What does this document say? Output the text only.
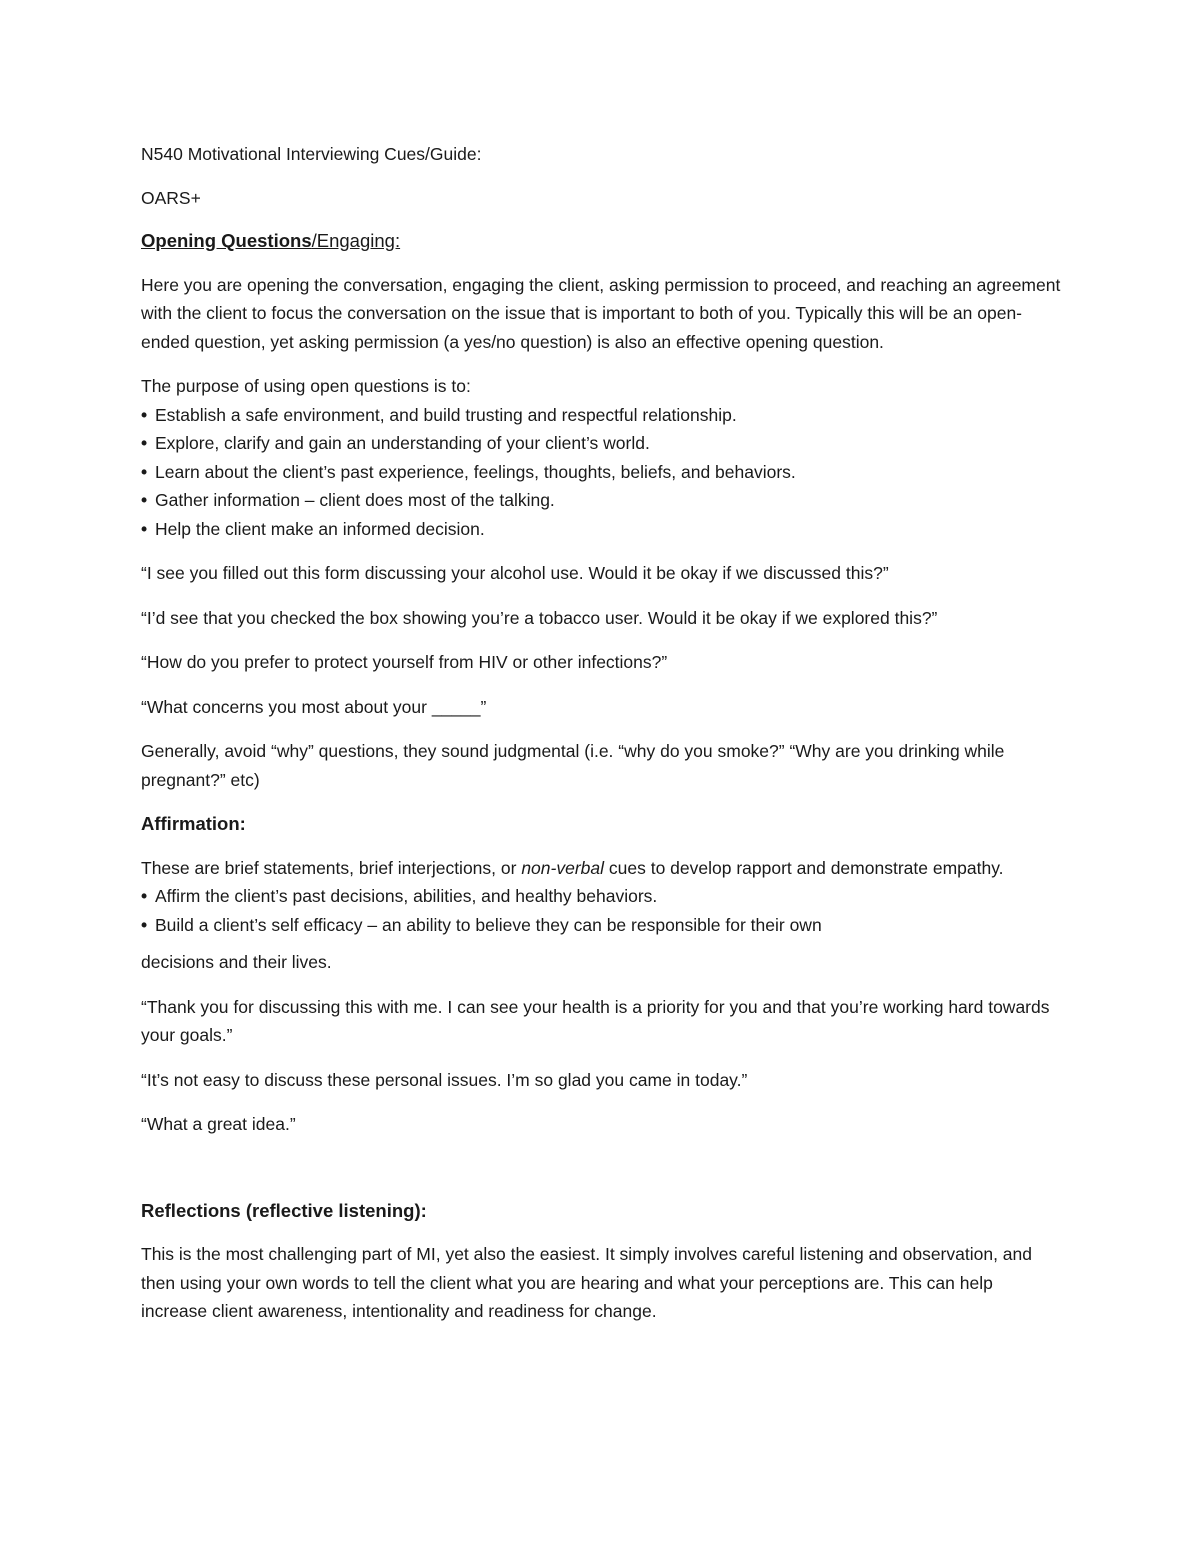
N540 Motivational Interviewing Cues/Guide:

OARS+

Opening Questions/Engaging:

Here you are opening the conversation, engaging the client, asking permission to proceed, and reaching an agreement with the client to focus the conversation on the issue that is important to both of you. Typically this will be an open-ended question, yet asking permission (a yes/no question) is also an effective opening question.

The purpose of using open questions is to:

• Establish a safe environment, and build trusting and respectful relationship.
• Explore, clarify and gain an understanding of your client’s world.
• Learn about the client’s past experience, feelings, thoughts, beliefs, and behaviors.
• Gather information – client does most of the talking.
• Help the client make an informed decision.

“I see you filled out this form discussing your alcohol use. Would it be okay if we discussed this?”

“I’d see that you checked the box showing you’re a tobacco user. Would it be okay if we explored this?”

“How do you prefer to protect yourself from HIV or other infections?”

“What concerns you most about your _____”

Generally, avoid “why” questions, they sound judgmental (i.e. “why do you smoke?” “Why are you drinking while pregnant?” etc)

Affirmation:

These are brief statements, brief interjections, or non-verbal cues to develop rapport and demonstrate empathy.

• Affirm the client’s past decisions, abilities, and healthy behaviors.
• Build a client’s self efficacy – an ability to believe they can be responsible for their own

decisions and their lives.

“Thank you for discussing this with me. I can see your health is a priority for you and that you’re working hard towards your goals.”

“It’s not easy to discuss these personal issues. I’m so glad you came in today.”

“What a great idea.”

Reflections (reflective listening):

This is the most challenging part of MI, yet also the easiest. It simply involves careful listening and observation, and then using your own words to tell the client what you are hearing and what your perceptions are. This can help increase client awareness, intentionality and readiness for change.
